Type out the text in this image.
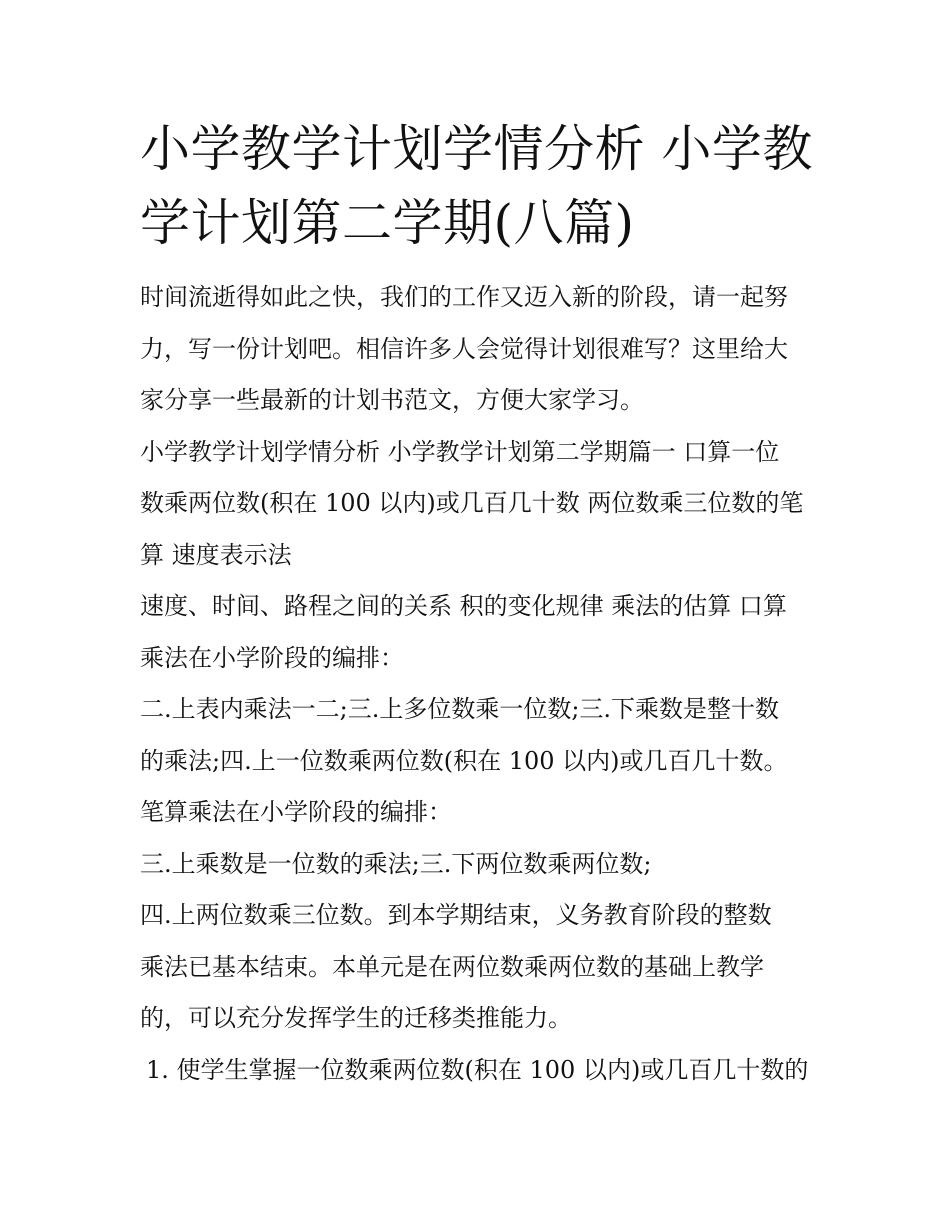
小学教学计划学情分析 小学教
学计划第二学期(八篇)

时间流逝得如此之快，我们的工作又迈入新的阶段，请一起努
力，写一份计划吧。相信许多人会觉得计划很难写？这里给大
家分享一些最新的计划书范文，方便大家学习。

小学教学计划学情分析 小学教学计划第二学期篇一 口算一位
数乘两位数(积在 100 以内)或几百几十数 两位数乘三位数的笔
算 速度表示法

速度、时间、路程之间的关系 积的变化规律 乘法的估算 口算
乘法在小学阶段的编排：

二.上表内乘法一二;三.上多位数乘一位数;三.下乘数是整十数
的乘法;四.上一位数乘两位数(积在 100 以内)或几百几十数。

笔算乘法在小学阶段的编排：

三.上乘数是一位数的乘法;三.下两位数乘两位数;

四.上两位数乘三位数。到本学期结束，义务教育阶段的整数
乘法已基本结束。本单元是在两位数乘两位数的基础上教学
的，可以充分发挥学生的迁移类推能力。

1. 使学生掌握一位数乘两位数(积在 100 以内)或几百几十数的
